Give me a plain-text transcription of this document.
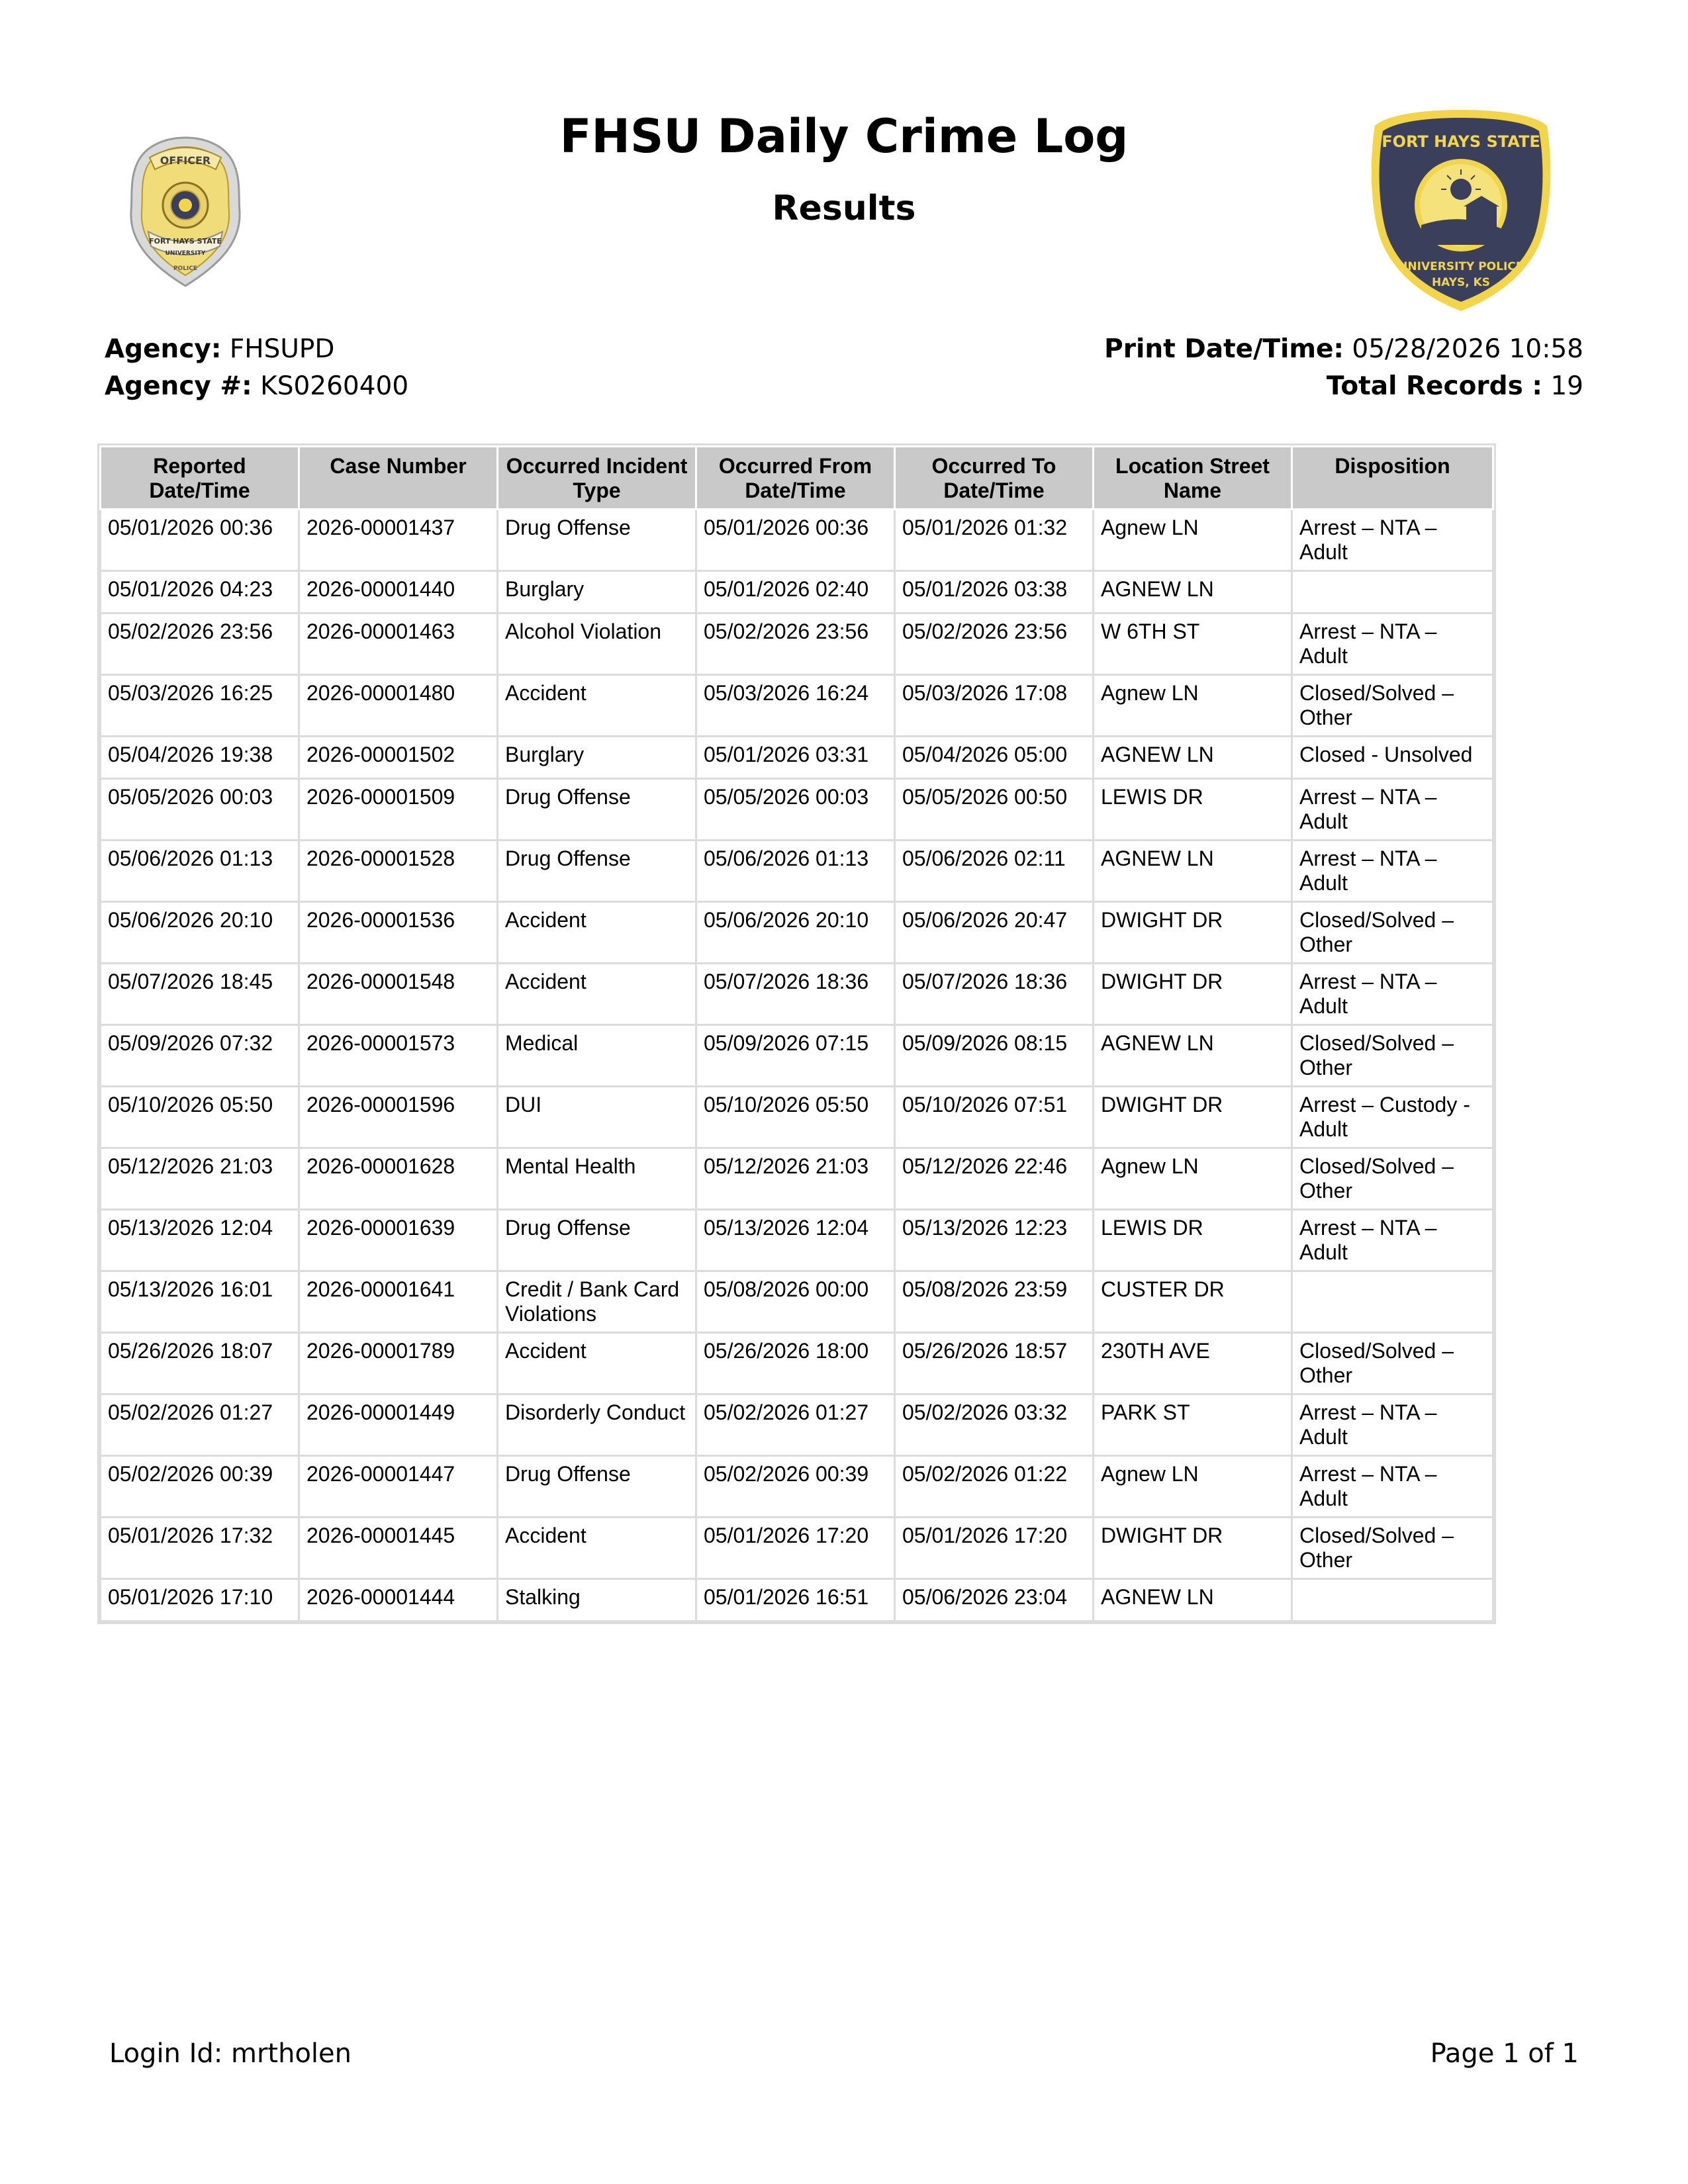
OFFICER
FORT HAYS STATE
UNIVERSITY
POLICE
FORT HAYS STATE
UNIVERSITY POLICE
HAYS, KS
FHSU Daily Crime Log
Results
Agency: FHSUPD
Agency #: KS0260400
Print Date/Time: 05/28/2026 10:58
Total Records : 19
Reported Date/Time	Case Number	Occurred Incident Type	Occurred From Date/Time	Occurred To Date/Time	Location Street Name	Disposition
05/01/2026 00:36	2026-00001437	Drug Offense	05/01/2026 00:36	05/01/2026 01:32	Agnew LN	Arrest – NTA – Adult
05/01/2026 04:23	2026-00001440	Burglary	05/01/2026 02:40	05/01/2026 03:38	AGNEW LN	
05/02/2026 23:56	2026-00001463	Alcohol Violation	05/02/2026 23:56	05/02/2026 23:56	W 6TH ST	Arrest – NTA – Adult
05/03/2026 16:25	2026-00001480	Accident	05/03/2026 16:24	05/03/2026 17:08	Agnew LN	Closed/Solved – Other
05/04/2026 19:38	2026-00001502	Burglary	05/01/2026 03:31	05/04/2026 05:00	AGNEW LN	Closed - Unsolved
05/05/2026 00:03	2026-00001509	Drug Offense	05/05/2026 00:03	05/05/2026 00:50	LEWIS DR	Arrest – NTA – Adult
05/06/2026 01:13	2026-00001528	Drug Offense	05/06/2026 01:13	05/06/2026 02:11	AGNEW LN	Arrest – NTA – Adult
05/06/2026 20:10	2026-00001536	Accident	05/06/2026 20:10	05/06/2026 20:47	DWIGHT DR	Closed/Solved – Other
05/07/2026 18:45	2026-00001548	Accident	05/07/2026 18:36	05/07/2026 18:36	DWIGHT DR	Arrest – NTA – Adult
05/09/2026 07:32	2026-00001573	Medical	05/09/2026 07:15	05/09/2026 08:15	AGNEW LN	Closed/Solved – Other
05/10/2026 05:50	2026-00001596	DUI	05/10/2026 05:50	05/10/2026 07:51	DWIGHT DR	Arrest – Custody - Adult
05/12/2026 21:03	2026-00001628	Mental Health	05/12/2026 21:03	05/12/2026 22:46	Agnew LN	Closed/Solved – Other
05/13/2026 12:04	2026-00001639	Drug Offense	05/13/2026 12:04	05/13/2026 12:23	LEWIS DR	Arrest – NTA – Adult
05/13/2026 16:01	2026-00001641	Credit / Bank Card Violations	05/08/2026 00:00	05/08/2026 23:59	CUSTER DR	
05/26/2026 18:07	2026-00001789	Accident	05/26/2026 18:00	05/26/2026 18:57	230TH AVE	Closed/Solved – Other
05/02/2026 01:27	2026-00001449	Disorderly Conduct	05/02/2026 01:27	05/02/2026 03:32	PARK ST	Arrest – NTA – Adult
05/02/2026 00:39	2026-00001447	Drug Offense	05/02/2026 00:39	05/02/2026 01:22	Agnew LN	Arrest – NTA – Adult
05/01/2026 17:32	2026-00001445	Accident	05/01/2026 17:20	05/01/2026 17:20	DWIGHT DR	Closed/Solved – Other
05/01/2026 17:10	2026-00001444	Stalking	05/01/2026 16:51	05/06/2026 23:04	AGNEW LN	
Login Id: mrtholen	Page 1 of 1
